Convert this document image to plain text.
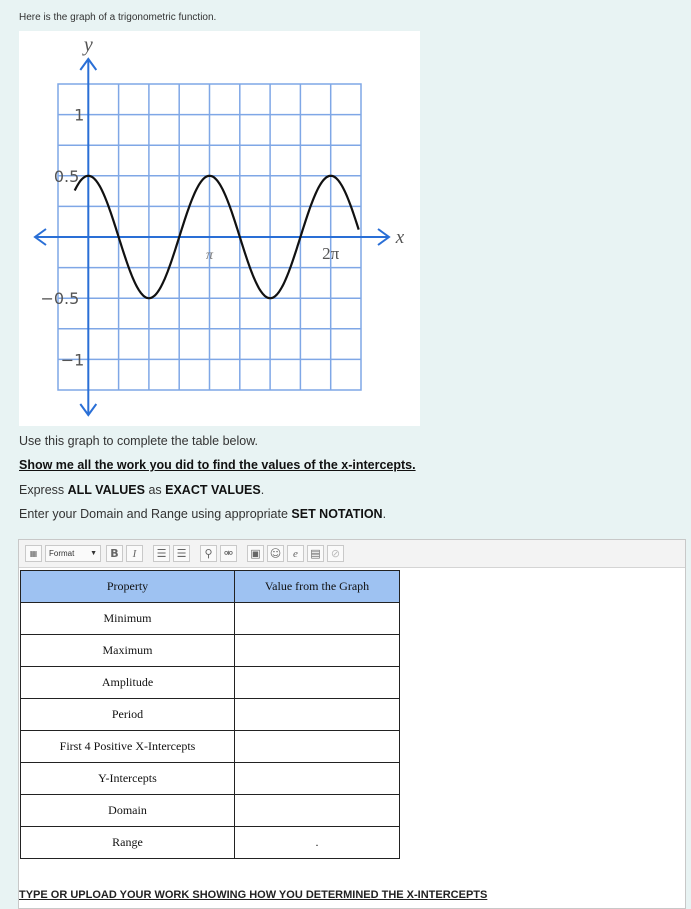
Here is the graph of a trigonometric function.
y
x
1
0.5
−0.5
−1
π	2π
Use this graph to complete the table below.
Show me all the work you did to find the values of the x-intercepts.
Express ALL VALUES as EXACT VALUES.
Enter your Domain and Range using appropriate SET NOTATION.
▦	Format ▼ B I	☰ ☰	⚲	⚮	▣ ☺	e	▤ ⊘
Property	Value from the Graph
Minimum	
Maximum	
Amplitude	
Period	
First 4 Positive X-Intercepts	
Y-Intercepts	
Domain	
Range	.
TYPE OR UPLOAD YOUR WORK SHOWING HOW YOU DETERMINED THE X-INTERCEPTS
